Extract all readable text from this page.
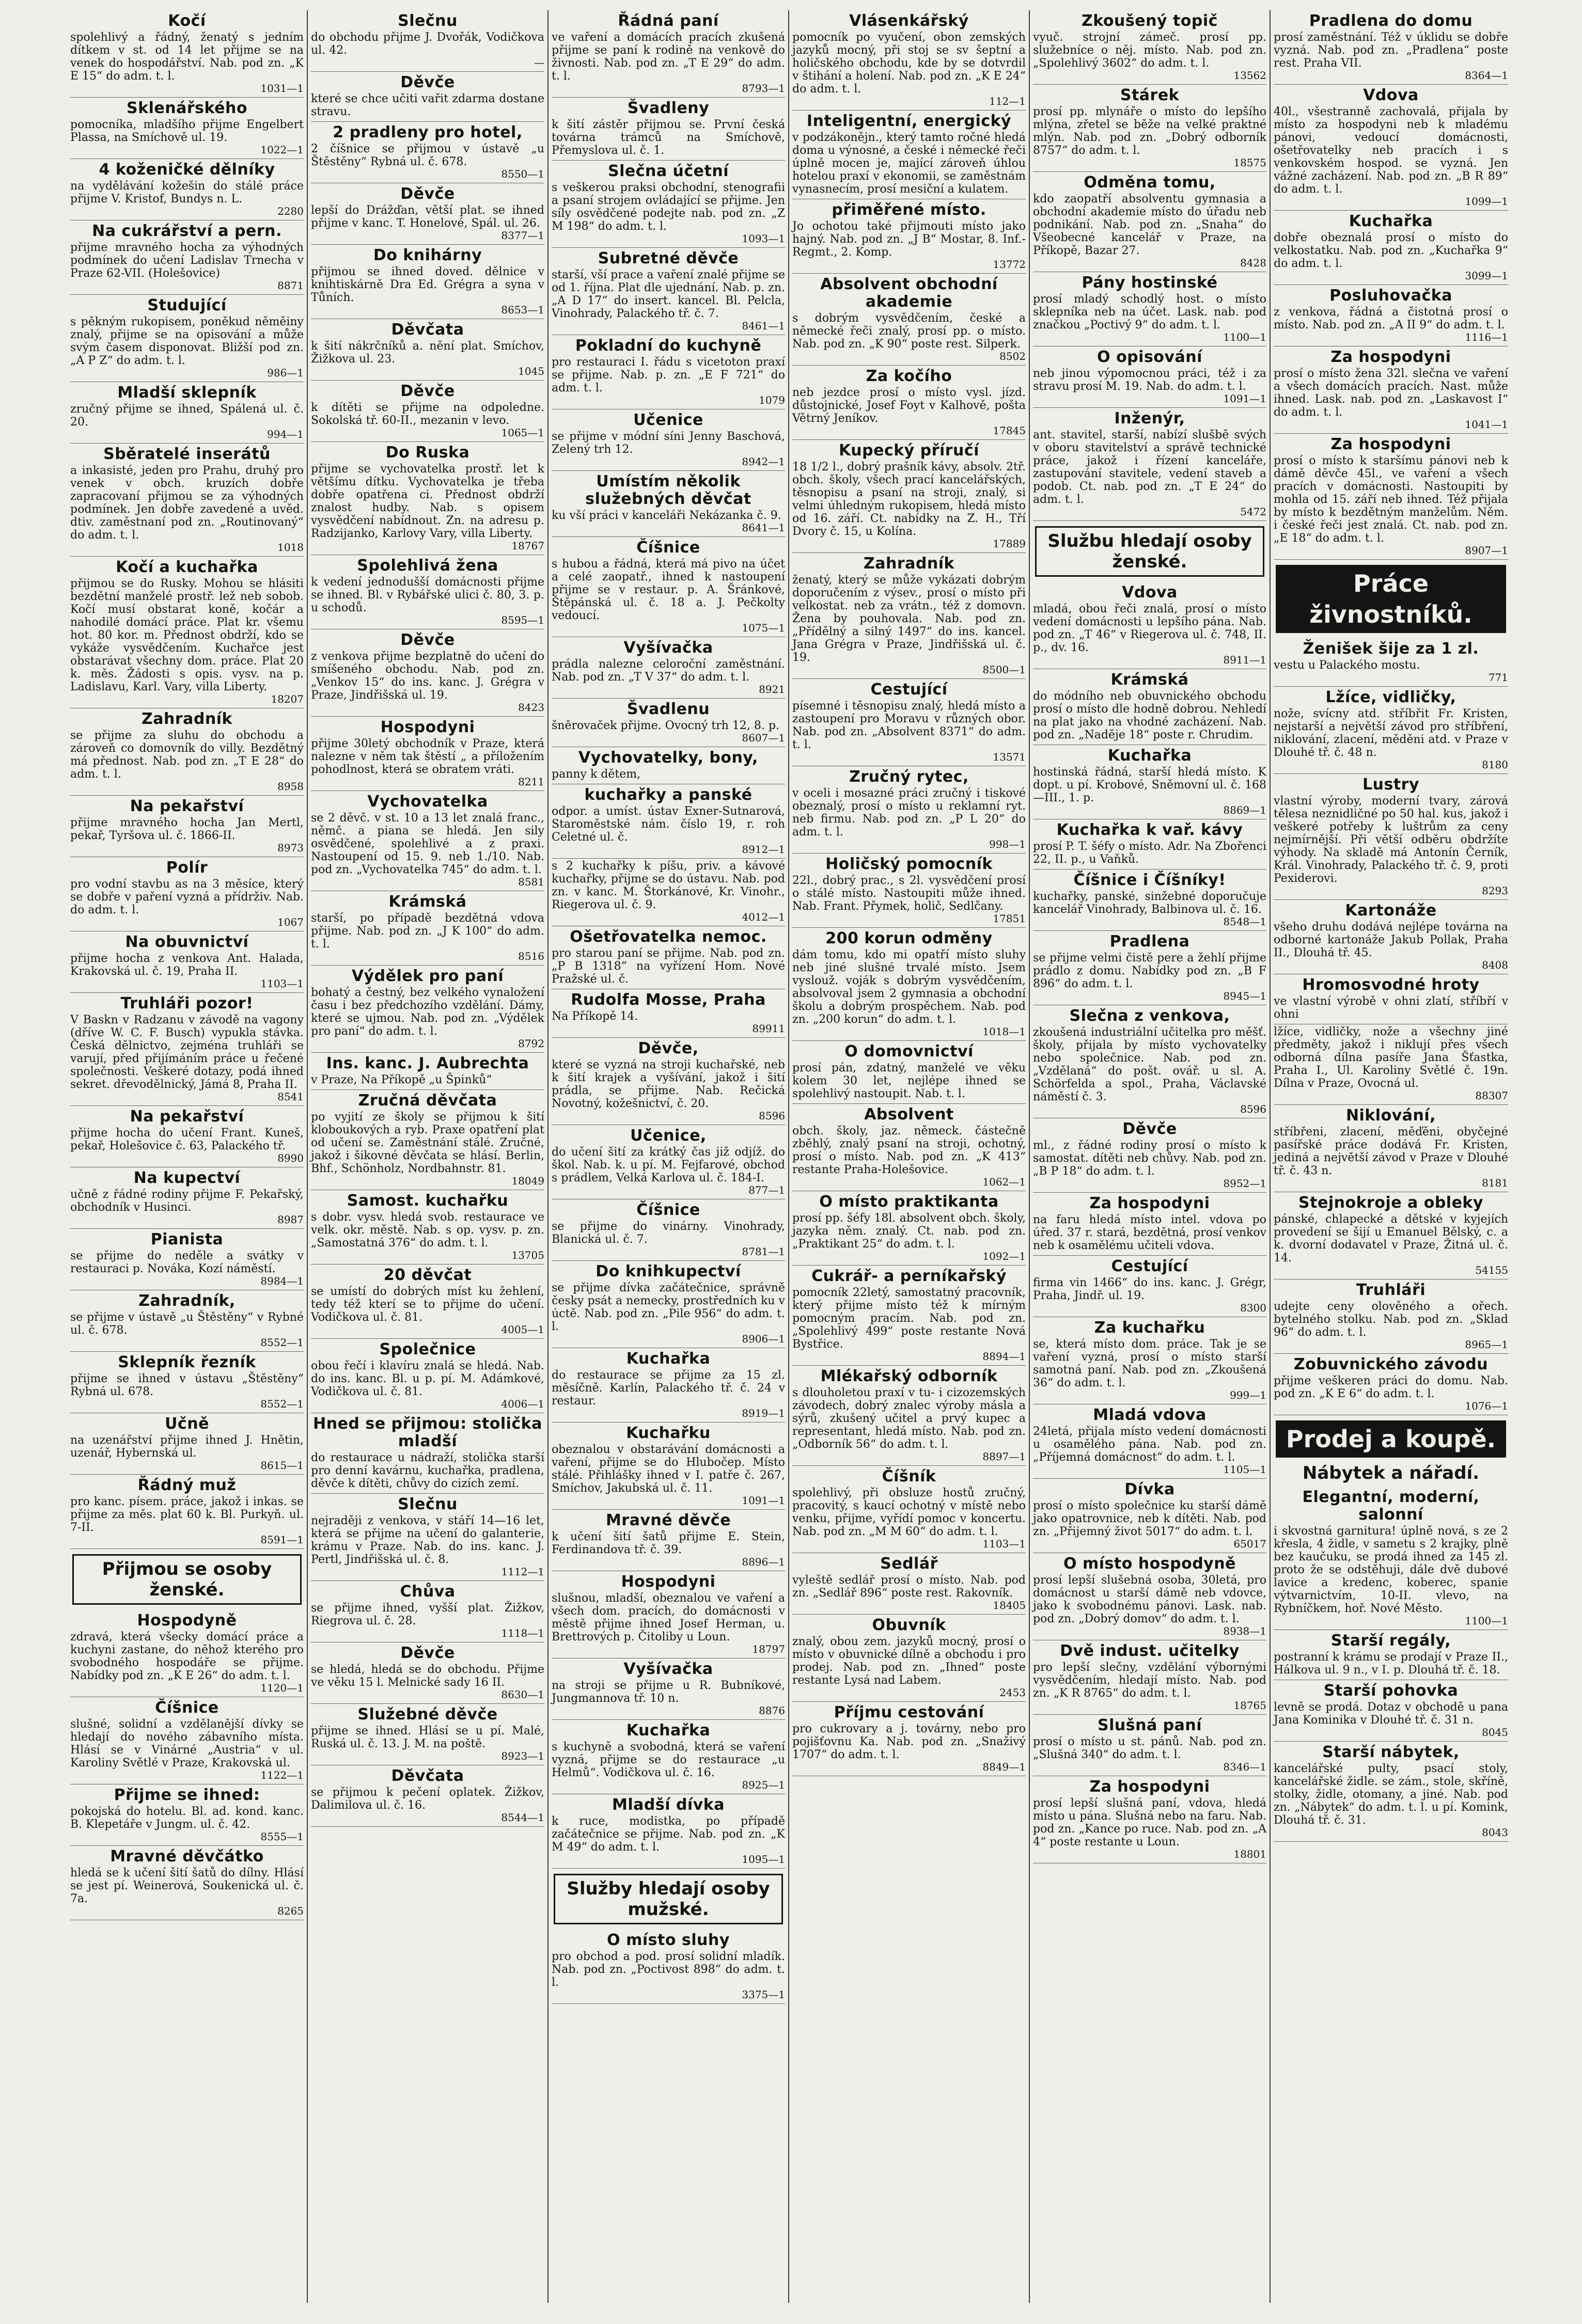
Kočí

spolehlivý a řádný, ženatý s jedním dítkem v st. od 14 let přijme se na venek do hospodářství. Nab. pod zn. „K E 15“ do adm. t. l.

1031—1
Sklenářského

pomocníka, mladšího přijme Engelbert Plassa, na Smíchově ul. 19.

1022—1
4 koženičké dělníky

na vydělávání kožešin do stálé práce přijme V. Kristof, Bundys n. L.

2280
Na cukrářství a pern.

přijme mravného hocha za výhodných podmínek do učení Ladislav Trnecha v Praze 62-VII. (Holešovice)

8871
Studující

s pěkným rukopisem, poněkud něměiny znalý, přijme se na opisování a může svým časem disponovat. Bližší pod zn. „A P Z“ do adm. t. l.

986—1
Mladší sklepník

zručný přijme se ihned, Spálená ul. č. 20.

994—1
Sběratelé inserátů

a inkasisté, jeden pro Prahu, druhý pro venek v obch. kruzích dobře zapracovaní přijmou se za výhodných podmínek. Jen dobře zavedené a uvěd. dtiv. zaměstnaní pod zn. „Routinovaný“ do adm. t. l.

1018
Kočí a kuchařka

přijmou se do Rusky. Mohou se hlásiti bezdětní manželé prostř. lež neb sobob. Kočí musí obstarat koně, kočár a nahodilé domácí práce. Plat kr. všemu hot. 80 kor. m. Přednost obdrží, kdo se vykáže vysvědčením. Kuchařce jest obstarávat všechny dom. práce. Plat 20 k. měs. Žádosti s opis. vysv. na p. Ladislavu, Karl. Vary, villa Liberty.

18207
Zahradník

se přijme za sluhu do obchodu a zároveň co domovník do villy. Bezdětný má přednost. Nab. pod zn. „T E 28“ do adm. t. l.

8958
Na pekařství

přijme mravného hocha Jan Mertl, pekař, Tyršova ul. č. 1866-II.

8973
Polír

pro vodní stavbu as na 3 měsíce, který se dobře v paření vyzná a přídrživ. Nab. do adm. t. l.

1067
Na obuvnictví

přijme hocha z venkova Ant. Halada, Krakovská ul. č. 19, Praha II.

1103—1
Truhláři pozor!

V Baskn v Radzanu v závodě na vagony (dříve W. C. F. Busch) vypukla stávka. Česká dělnictvo, zejména truhláři se varují, před přijímáním práce u řečené společnosti. Veškeré dotazy, podá ihned sekret. dřevodělnický, Jámá 8, Praha II.

8541
Na pekařství

přijme hocha do učení Frant. Kuneš, pekař, Holešovice č. 63, Palackého tř.

8990
Na kupectví

učně z řádné rodiny přijme F. Pekařský, obchodník v Husinci.

8987
Pianista

se přijme do neděle a svátky v restauraci p. Nováka, Kozí náměstí.

8984—1
Zahradník,

se přijme v ústavě „u Štěstěny“ v Rybné ul. č. 678.

8552—1
Sklepník řezník

přijme se ihned v ústavu „Štěstěny“ Rybná ul. 678.

8552—1
Učně

na uzenářství přijme ihned J. Hnětin, uzenář, Hybernská ul.

8615—1
Řádný muž

pro kanc. písem. práce, jakož i inkas. se přijme za měs. plat 60 k. Bl. Purkyň. ul. 7-II.

8591—1
Přijmou se osoby ženské.
Hospodyně

zdravá, která všecky domácí práce a kuchyni zastane, do něhož kterého pro svobodného hospodáře se přijme. Nabídky pod zn. „K E 26“ do adm. t. l.

1120—1
Číšnice

slušné, solidní a vzdělanější dívky se hledají do nového zábavního místa. Hlásí se v Vinárné „Austria“ v ul. Karoliny Světlé v Praze, Krakovská ul.

1122—1
Přijme se ihned:

pokojská do hotelu. Bl. ad. kond. kanc. B. Klepetáře v Jungm. ul. č. 42.

8555—1
Mravné děvčátko

hledá se k učení šití šatů do dílny. Hlásí se jest pí. Weinerová, Soukenická ul. č. 7a.

8265
Slečnu

do obchodu přijme J. Dvořák, Vodičkova ul. 42.

—
Děvče

které se chce učiti vařit zdarma dostane stravu.

2 pradleny pro hotel,

2 číšnice se přijmou v ústavě „u Štěstěny“ Rybná ul. č. 678.

8550—1
Děvče

lepší do Drážďan, větší plat. se ihned přijme v kanc. T. Honelové, Spál. ul. 26.

8377—1
Do knihárny

přijmou se ihned doved. dělnice v knihtiskárně Dra Ed. Grégra a syna v Tůních.

8653—1
Děvčata

k šití nákrčníků a. nění plat. Smíchov, Žižkova ul. 23.

1045
Děvče

k dítěti se přijme na odpoledne. Sokolská tř. 60-II., mezanin v levo.

1065—1
Do Ruska

přijme se vychovatelka prostř. let k většímu dítku. Vychovatelka je třeba dobře opatřena ci. Přednost obdrží znalost hudby. Nab. s opisem vysvědčení nabídnout. Zn. na adresu p. Radzijanko, Karlovy Vary, villa Liberty.

18767
Spolehlivá žena

k vedení jednodušší domácnosti přijme se ihned. Bl. v Rybářské ulici č. 80, 3. p. u schodů.

8595—1
Děvče

z venkova přijme bezplatně do učení do smíšeného obchodu. Nab. pod zn. „Venkov 15“ do ins. kanc. J. Grégra v Praze, Jindřišská ul. 19.

8423
Hospodyni

přijme 30letý obchodník v Praze, která nalezne v něm tak štěstí „ a příložením pohodlnost, která se obratem vráti.

8211
Vychovatelka

se 2 děvč. v st. 10 a 13 let znalá franc., němč. a piana se hledá. Jen sily osvědčené, spolehlivé a z praxi. Nastoupení od 15. 9. neb 1./10. Nab. pod zn. „Vychovatelka 745“ do adm. t. l.

8581
Krámská

starší, po případě bezdětná vdova přijme. Nab. pod zn. „J K 100“ do adm. t. l.

8516
Výdělek pro paní

bohatý a čestný, bez velkého vynaložení času i bez předchozího vzdělání. Dámy, které se ujmou. Nab. pod zn. „Výdělek pro paní“ do adm. t. l.

8792
Ins. kanc. J. Aubrechta

v Praze, Na Příkopě „u Špinků“

Zručná děvčata

po vyjití ze školy se přijmou k šití kloboukových a ryb. Praxe opatření plat od učení se. Zaměstnání stálé. Zručné, jakož i šikovné děvčata se hlásí. Berlin, Bhf., Schönholz, Nordbahnstr. 81.

18049
Samost. kuchařku

s dobr. vysv. hledá svob. restaurace ve velk. okr. městě. Nab. s op. vysv. p. zn. „Samostatná 376“ do adm. t. l.

13705
20 děvčat

se umístí do dobrých míst ku žehlení, tedy též kterí se to přijme do učení. Vodičkova ul. č. 81.

4005—1
Společnice

obou řečí i klavíru znalá se hledá. Nab. do ins. kanc. Bl. u p. pí. M. Adámkové, Vodičkova ul. č. 81.

4006—1
Hned se přijmou: stolička mladší

do restaurace u nádraží, stolička starší pro denní kavárnu, kuchařka, pradlena, děvče k dítěti, chůvy do cizích zemí.

Slečnu

nejraději z venkova, v stáří 14—16 let, která se přijme na učení do galanterie, krámu v Praze. Nab. do ins. kanc. J. Pertl, Jindřišská ul. č. 8.

1112—1
Chůva

se přijme ihned, vyšší plat. Žižkov, Riegrova ul. č. 28.

1118—1
Děvče

se hledá, hledá se do obchodu. Přijme ve věku 15 l. Melnické sady 16 II.

8630—1
Služebné děvče

přijme se ihned. Hlásí se u pí. Malé, Ruská ul. č. 13. J. M. na poště.

8923—1
Děvčata

se přijmou k pečení oplatek. Žižkov, Dalimilova ul. č. 16.

8544—1
Řádná paní

ve vaření a domácích pracích zkušená přijme se paní k rodině na venkově do živnosti. Nab. pod zn. „T E 29“ do adm. t. l.

8793—1
Švadleny

k šití zástěr přijmou se. První česká továrna trámců na Smíchově, Přemyslova ul. č. 1.

Slečna účetní

s veškerou praksi obchodní, stenografii a psaní strojem ovládající se přijme. Jen síly osvědčené podejte nab. pod zn. „Z M 198“ do adm. t. l.

1093—1
Subretné děvče

starší, vší prace a vaření znalé přijme se od 1. října. Plat dle ujednání. Nab. p. zn. „A D 17“ do insert. kancel. Bl. Pelcla, Vinohrady, Palackého tř. č. 7.

8461—1
Pokladní do kuchyně

pro restauraci I. řádu s vicetoton praxí se přijme. Nab. p. zn. „E F 721“ do adm. t. l.

1079
Učenice

se přijme v módní síni Jenny Baschová, Zelený trh 12.

8942—1
Umístím několik služebných děvčat

ku vší práci v kanceláři Nekázanka č. 9.

8641—1
Číšnice

s hubou a řádná, která má pivo na účet a celé zaopatř., ihned k nastoupení přijme se v restaur. p. A. Šránkové, Štěpánská ul. č. 18 a. J. Pečkolty vedoucí.

1075—1
Vyšívačka

prádla nalezne celoroční zaměstnání. Nab. pod zn. „T V 37“ do adm. t. l.

8921
Švadlenu

šněrovaček přijme. Ovocný trh 12, 8. p.

8607—1
Vychovatelky, bony,

panny k dětem,

kuchařky a panské

odpor. a umíst. ústav Exner-Sutnarová, Staroměstské nám. číslo 19, r. roh Celetné ul. č.

8912—1

s 2 kuchařky k píšu, priv. a kávové kuchařky, přijme se do ústavu. Nab. pod zn. v kanc. M. Štorkánové, Kr. Vinohr., Riegerova ul. č. 9.

4012—1
Ošetřovatelka nemoc.

pro starou paní se přijme. Nab. pod zn. „P B 1318“ na vyřízení Hom. Nové Pražské ul. č.

Rudolfa Mosse, Praha

Na Příkopě 14.

89911
Děvče,

které se vyzná na stroji kuchařské, neb k šití krajek a vyšívání, jakož i šití prádla, se přijme. Nab. Rečická Novotný, kožešnictví, č. 20.

8596
Učenice,

do učení šití za krátký čas již odjíž. do škol. Nab. k. u pí. M. Fejfarové, obchod s prádlem, Velká Karlova ul. č. 184-I.

877—1
Číšnice

se přijme do vinárny. Vinohrady, Blanická ul. č. 7.

8781—1
Do knihkupectví

se přijme dívka začátečnice, správně česky psát a nemecky, prostředních ku v úctě. Nab. pod zn. „Pile 956“ do adm. t. l.

8906—1
Kuchařka

do restaurace se přijme za 15 zl. měsíčně. Karlín, Palackého tř. č. 24 v restaur.

8919—1
Kuchařku

obeznalou v obstarávání domácnosti a vaření, přijme se do Hlubočep. Místo stálé. Přihlášky ihned v I. patře č. 267, Smíchov, Jakubská ul. č. 11.

1091—1
Mravné děvče

k učení šití šatů přijme E. Stein, Ferdinandova tř. č. 39.

8896—1
Hospodyni

slušnou, mladší, obeznalou ve vaření a všech dom. pracích, do domácnosti v městě přijme ihned Josef Herman, u. Brettrových p. Čitoliby u Loun.

18797
Vyšívačka

na stroji se přijme u R. Bubníkové, Jungmannova tř. 10 n.

8876
Kuchařka

s kuchyně a svobodná, která se vaření vyzná, přijme se do restaurace „u Helmů“. Vodičkova ul. č. 16.

8925—1
Mladší dívka

k ruce, modistka, po případě začátečnice se přijme. Nab. pod zn. „K M 49“ do adm. t. l.

1095—1
Služby hledají osoby mužské.
O místo sluhy

pro obchod a pod. prosí solidní mladík. Nab. pod zn. „Poctivost 898“ do adm. t. l.

3375—1
Vlásenkářský

pomocník po vyučení, obon zemských jazyků mocný, při stoj se sv šeptní a holičského obchodu, kde by se dotvrdil v štihání a holení. Nab. pod zn. „K E 24“ do adm. t. l.

112—1
Inteligentní, energický

v podzákonějn., který tamto ročné hledá doma u výnosné, a české i německé řeči úplně mocen je, mající zároveň úhlou hotelou praxí v ekonomii, se zaměstnám vynasnecím, prosí mesiční a kulatem.

přiměřené místo.

Jo ochotou také přijmouti místo jako hajný. Nab. pod zn. „J B“ Mostar, 8. Inf.-Regmt., 2. Komp.

13772
Absolvent obchodní akademie

s dobrým vysvědčením, české a německé řeči znalý, prosí pp. o místo. Nab. pod zn. „K 90“ poste rest. Silperk.

8502
Za kočího

neb jezdce prosí o místo vysl. jízd. důstojnické, Josef Foyt v Kalhově, pošta Větrný Jeníkov.

17845
Kupecký příručí

18 1/2 l., dobrý prašník kávy, absolv. 2tř. obch. školy, všech prací kancelářských, těsnopisu a psaní na stroji, znalý, si velmi úhledným rukopisem, hledá místo od 16. září. Ct. nabídky na Z. H., Tří Dvory č. 15, u Kolína.

17889
Zahradník

ženatý, který se může vykázati dobrým doporučením z výsev., prosí o místo při velkostat. neb za vrátn., též z domovn. Žena by pouhovala. Nab. pod zn. „Přídělný a silný 1497“ do ins. kancel. Jana Grégra v Praze, Jindřišská ul. č. 19.

8500—1
Cestující

písemné i těsnopisu znalý, hledá místo a zastoupení pro Moravu v různých obor. Nab. pod zn. „Absolvent 8371“ do adm. t. l.

13571
Zručný rytec,

v oceli i mosazné práci zručný i tiskové obeznalý, prosí o místo u reklamní ryt. neb firmu. Nab. pod zn. „P L 20“ do adm. t. l.

998—1
Holičský pomocník

22l., dobrý prac., s 2l. vysvědčení prosí o stálé místo. Nastoupiti může ihned. Nab. Frant. Přymek, holič, Sedlčany.

17851
200 korun odměny

dám tomu, kdo mi opatří místo sluhy neb jiné slušné trvalé místo. Jsem vyslouž. voják s dobrým vysvědčením, absolvoval jsem 2 gymnasia a obchodní školu a dobrým prospěchem. Nab. pod zn. „200 korun“ do adm. t. l.

1018—1
O domovnictví

prosí pán, zdatný, manželé ve věku kolem 30 let, nejlépe ihned se spolehlivý nastoupit. Nab. t. l.

Absolvent

obch. školy, jaz. německ. částečně zběhlý, znalý psaní na stroji, ochotný, prosí o místo. Nab. pod zn. „K 413“ restante Praha-Holešovice.

1062—1
O místo praktikanta

prosí pp. šéfy 18l. absolvent obch. školy, jazyka něm. znalý. Ct. nab. pod zn. „Praktikant 25“ do adm. t. l.

1092—1
Cukrář- a perníkařský

pomocník 22letý, samostatný pracovník, který přijme místo též k mírným pomocným pracím. Nab. pod zn. „Spolehlivý 499“ poste restante Nová Bystřice.

8894—1
Mlékařský odborník

s dlouholetou praxí v tu- i cizozemských závodech, dobrý znalec výroby másla a sýrů, zkušený učitel a prvý kupec a representant, hledá místo. Nab. pod zn. „Odborník 56“ do adm. t. l.

8897—1
Číšník

spolehlivý, při obsluze hostů zručný, pracovitý, s kaucí ochotný v místě nebo venku, přijme, vyřídí pomoc v koncertu. Nab. pod zn. „M M 60“ do adm. t. l.

1103—1
Sedlář

vyleště sedlář prosí o místo. Nab. pod zn. „Sedlář 896“ poste rest. Rakovník.

18405
Obuvník

znalý, obou zem. jazyků mocný, prosí o místo v obuvnické dílně a obchodu i pro prodej. Nab. pod zn. „Ihned“ poste restante Lysá nad Labem.

2453
Příjmu cestování

pro cukrovary a j. továrny, nebo pro pojišťovnu Ka. Nab. pod zn. „Snaživý 1707“ do adm. t. l.

8849—1
Zkoušený topič

vyuč. strojní zámeč. prosí pp. služebníce o něj. místo. Nab. pod zn. „Spolehlivý 3602“ do adm. t. l.

13562
Stárek

prosí pp. mlynáře o místo do lepšího mlýna, zřetel se běže na velké praktné mlýn. Nab. pod zn. „Dobrý odborník 8757“ do adm. t. l.

18575
Odměna tomu,

kdo zaopatří absolventu gymnasia a obchodní akademie místo do úřadu neb podnikání. Nab. pod zn. „Snaha“ do Všeobecné kancelář v Praze, na Příkopě, Bazar 27.

8428
Pány hostinské

prosí mladý schodlý host. o místo sklepníka neb na účet. Lask. nab. pod značkou „Poctivý 9“ do adm. t. l.

1100—1
O opisování

neb jinou výpomocnou práci, též i za stravu prosí M. 19. Nab. do adm. t. l.

1091—1
Inženýr,

ant. stavitel, starší, nabízí slušbě svých v oboru stavitelství a správě technické práce, jakož i řízení kanceláře, zastupování stavitele, vedení staveb a podob. Ct. nab. pod zn. „T E 24“ do adm. t. l.

5472
Službu hledají osoby ženské.
Vdova

mladá, obou řeči znalá, prosí o místo vedení domácnosti u lepšího pána. Nab. pod zn. „T 46“ v Riegerova ul. č. 748, II. p., dv. 16.

8911—1
Krámská

do módního neb obuvnického obchodu prosí o místo dle hodně dobrou. Nehledí na plat jako na vhodné zacházení. Nab. pod zn. „Naděje 18“ poste r. Chrudim.

Kuchařka

hostinská řádná, starší hledá místo. K dopt. u pí. Krobové, Sněmovní ul. č. 168—III., 1. p.

8869—1
Kuchařka k vař. kávy

prosí P. T. šéfy o místo. Adr. Na Zbořenci 22, II. p., u Vaňků.

Číšnice i Číšníky!

kuchařky, panské, sinžebné doporučuje kancelář Vinohrady, Balbinova ul. č. 16.

8548—1
Pradlena

se přijme velmi čistě pere a žehlí přijme prádlo z domu. Nabídky pod zn. „B F 896“ do adm. t. l.

8945—1
Slečna z venkova,

zkoušená industriální učitelka pro měšť. školy, přijala by místo vychovatelky nebo společnice. Nab. pod zn. „Vzdělaná“ do pošt. ovář. u sl. A. Schörfelda a spol., Praha, Václavské náměstí č. 3.

8596
Děvče

ml., z řádné rodiny prosí o místo k samostat. dítěti neb chůvy. Nab. pod zn. „B P 18“ do adm. t. l.

8952—1
Za hospodyni

na faru hledá místo intel. vdova po úřed. 37 r. stará, bezdětná, prosí venkov neb k osamělému učiteli vdova.

Cestující

firma vin 1466“ do ins. kanc. J. Grégr, Praha, Jindř. ul. 19.

8300
Za kuchařku

se, která místo dom. práce. Tak je se vaření vyzná, prosí o místo starší samotná paní. Nab. pod zn. „Zkoušená 36“ do adm. t. l.

999—1
Mladá vdova

24letá, přijala místo vedení domácnosti u osamělého pána. Nab. pod zn. „Příjemná domácnost“ do adm. t. l.

1105—1
Dívka

prosí o místo společnice ku starší dámě jako opatrovnice, neb k dítěti. Nab. pod zn. „Přijemný život 5017“ do adm. t. l.

65017
O místo hospodyně

prosí lepší slušebná osoba, 30letá, pro domácnost u starší dámě neb vdovce, jako k svobodnému pánovi. Lask. nab. pod zn. „Dobrý domov“ do adm. t. l.

8938—1
Dvě indust. učitelky

pro lepší slečny, vzdělání výbornými vysvědčením, hledají místo. Nab. pod zn. „K R 8765“ do adm. t. l.

18765
Slušná paní

prosí o místo u st. pánů. Nab. pod zn. „Slušná 340“ do adm. t. l.

8346—1
Za hospodyni

prosí lepší slušná paní, vdova, hledá místo u pána. Slušná nebo na faru. Nab. pod zn. „Kance po ruce. Nab. pod zn. „A 4“ poste restante u Loun.

18801
Pradlena do domu

prosí zaměstnání. Též v úklidu se dobře vyzná. Nab. pod zn. „Pradlena“ poste rest. Praha VII.

8364—1
Vdova

40l., všestranně zachovalá, přijala by místo za hospodyni neb k mladému pánovi, vedoucí domácnosti, ošetřovatelky neb pracích i s venkovském hospod. se vyzná. Jen vážné zacházení. Nab. pod zn. „B R 89“ do adm. t. l.

1099—1
Kuchařka

dobře obeznalá prosí o místo do velkostatku. Nab. pod zn. „Kuchařka 9“ do adm. t. l.

3099—1
Posluhovačka

z venkova, řádná a čistotná prosí o místo. Nab. pod zn. „A II 9“ do adm. t. l.

1116—1
Za hospodyni

prosí o místo žena 32l. slečna ve vaření a všech domácích pracích. Nast. může ihned. Lask. nab. pod zn. „Laskavost I“ do adm. t. l.

1041—1
Za hospodyni

prosí o místo k staršímu pánovi neb k dámě děvče 45l., ve vaření a všech pracích v domácnosti. Nastoupiti by mohla od 15. září neb ihned. Též přijala by místo k bezdětným manželům. Něm. i české řeči jest znalá. Ct. nab. pod zn. „E 18“ do adm. t. l.

8907—1
Práce živnostníků.
Ženišek šije za 1 zl.

vestu u Palackého mostu.

771
Lžíce, vidličky,

nože, svícny atd. stříbřit Fr. Kristen, nejstarší a největší závod pro stříbření, niklování, zlacení, měděni atd. v Praze v Dlouhé tř. č. 48 n.

8180
Lustry

vlastní výroby, moderní tvary, zárová tělesa neznidličné po 50 hal. kus, jakož i veškeré potřeby k luštrům za ceny nejmírnější. Při větší odběru obdržíte výhody. Na skladě má Antonín Černík, Král. Vinohrady, Palackého tř. č. 9, proti Pexiderovi.

8293
Kartonáže

všeho druhu dodává nejlépe továrna na odborné kartonáže Jakub Pollak, Praha II., Dlouhá tř. 45.

8408
Hromosvodné hroty

ve vlastní výrobě v ohni zlatí, stříbří v ohni

lžíce, vidličky, nože a všechny jiné předměty, jakož i niklují přes všech odborná dílna pasíře Jana Šťastka, Praha I., Ul. Karoliny Světlé č. 19n. Dílna v Praze, Ovocná ul.

88307
Niklování,

stříbřeni, zlacení, měďěni, obyčejné pasířské práce dodává Fr. Kristen, jediná a největší závod v Praze v Dlouhé tř. č. 43 n.

8181
Stejnokroje a obleky

pánské, chlapecké a dětské v kyjejích provedení se šijí u Emanuel Bělský, c. a k. dvorní dodavatel v Praze, Žitná ul. č. 14.

54155
Truhláři

udejte ceny olověného a ořech. bytelného stolku. Nab. pod zn. „Sklad 96“ do adm. t. l.

8965—1
Zobuvnického závodu

přijme veškeren práci do domu. Nab. pod zn. „K E 6“ do adm. t. l.

1076—1
Prodej a koupě.
Nábytek a nářadí.
Elegantní, moderní, salonní

i skvostná garnitura! úplně nová, s ze 2 křesla, 4 židle, v sametu s 2 krajky, plně bez kaučuku, se prodá ihned za 145 zl. proto že se odstěhuji, dále dvě dubové lavice a kredenc, koberec, spanie výtvarnictvím, 10-II. vlevo, na Rybníčkem, hoř. Nové Město.

1100—1
Starší regály,

postranní k krámu se prodají v Praze II., Hálkova ul. 9 n., v I. p. Dlouhá tř. č. 18.

Starší pohovka

levně se prodá. Dotaz v obchodě u pana Jana Kominika v Dlouhé tř. č. 31 n.

8045
Starší nábytek,

kancelářské pulty, psací stoly, kancelářské židle. se zám., stole, skříně, stolky, židle, otomany, a jiné. Nab. pod zn. „Nábytek“ do adm. t. l. u pí. Komink, Dlouhá tř. č. 31.

8043
